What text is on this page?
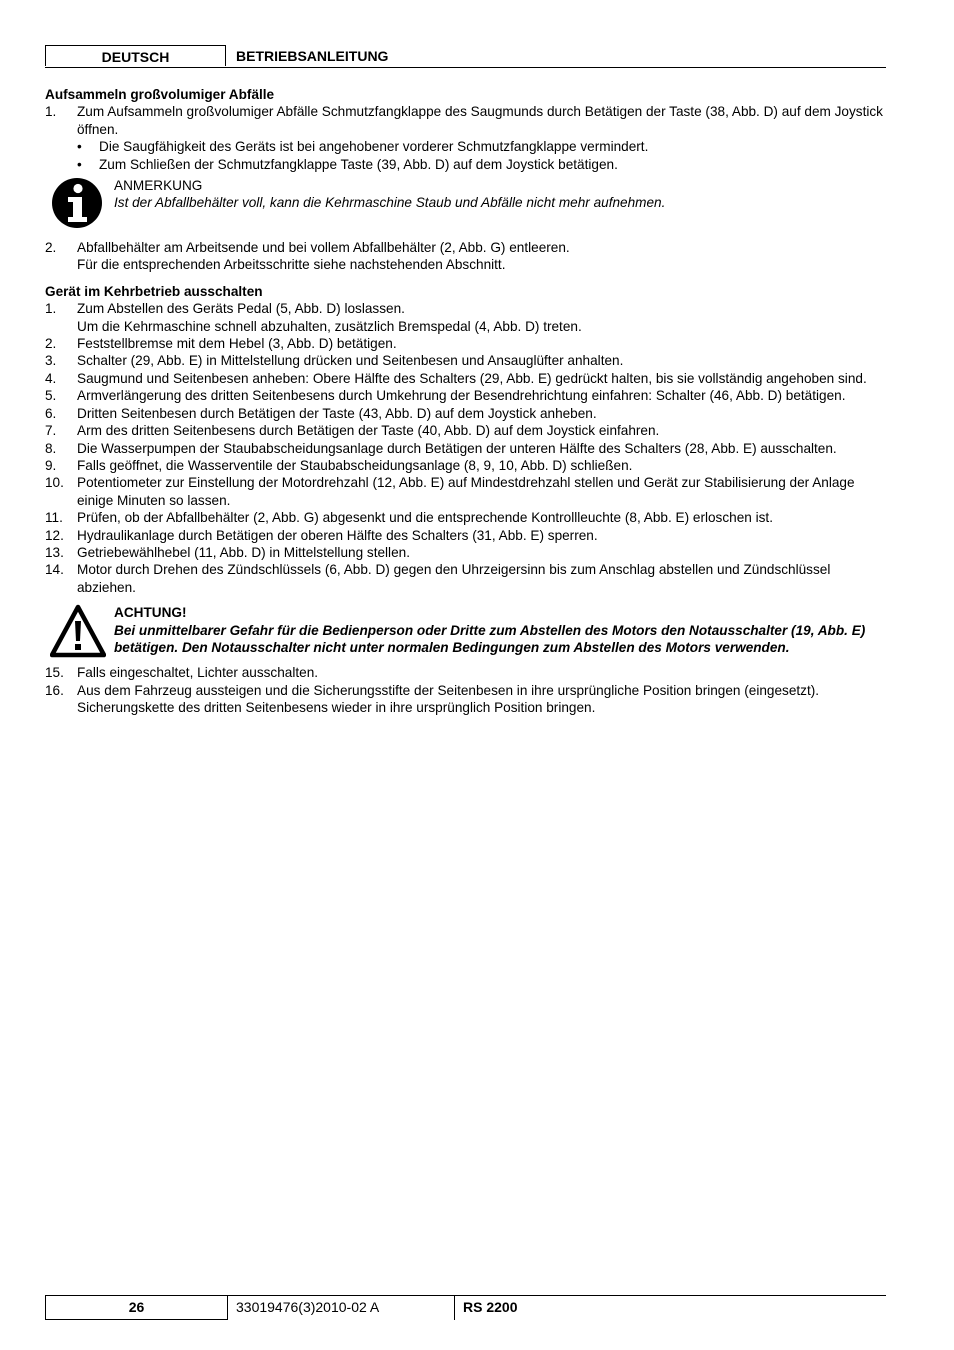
DEUTSCH	BETRIEBSANLEITUNG

Aufsammeln großvolumiger Abfälle

1.	Zum Aufsammeln großvolumiger Abfälle Schmutzfangklappe des Saugmunds durch Betätigen der Taste (38, Abb. D) auf dem Joystick öffnen.
•	Die Saugfähigkeit des Geräts ist bei angehobener vorderer Schmutzfangklappe vermindert.
•	Zum Schließen der Schmutzfangklappe Taste (39, Abb. D) auf dem Joystick betätigen.
ANMERKUNG
Ist der Abfallbehälter voll, kann die Kehrmaschine Staub und Abfälle nicht mehr aufnehmen.
2.	Abfallbehälter am Arbeitsende und bei vollem Abfallbehälter (2, Abb. G) entleeren.
Für die entsprechenden Arbeitsschritte siehe nachstehenden Abschnitt.

Gerät im Kehrbetrieb ausschalten

1.	Zum Abstellen des Geräts Pedal (5, Abb. D) loslassen.
Um die Kehrmaschine schnell abzuhalten, zusätzlich Bremspedal (4, Abb. D) treten.
2.	Feststellbremse mit dem Hebel (3, Abb. D) betätigen.
3.	Schalter (29, Abb. E) in Mittelstellung drücken und Seitenbesen und Ansauglüfter anhalten.
4.	Saugmund und Seitenbesen anheben: Obere Hälfte des Schalters (29, Abb. E) gedrückt halten, bis sie vollständig angehoben sind.
5.	Armverlängerung des dritten Seitenbesens durch Umkehrung der Besendrehrichtung einfahren: Schalter (46, Abb. D) betätigen.
6.	Dritten Seitenbesen durch Betätigen der Taste (43, Abb. D) auf dem Joystick anheben.
7.	Arm des dritten Seitenbesens durch Betätigen der Taste (40, Abb. D) auf dem Joystick einfahren.
8.	Die Wasserpumpen der Staubabscheidungsanlage durch Betätigen der unteren Hälfte des Schalters (28, Abb. E) ausschalten.
9.	Falls geöffnet, die Wasserventile der Staubabscheidungsanlage (8, 9, 10, Abb. D) schließen.
10. Potentiometer zur Einstellung der Motordrehzahl (12, Abb. E) auf Mindestdrehzahl stellen und Gerät zur Stabilisierung der Anlage einige Minuten so lassen.
11.	Prüfen, ob der Abfallbehälter (2, Abb. G) abgesenkt und die entsprechende Kontrollleuchte (8, Abb. E) erloschen ist.
12. Hydraulikanlage durch Betätigen der oberen Hälfte des Schalters (31, Abb. E) sperren.
13. Getriebewählhebel (11, Abb. D) in Mittelstellung stellen.
14. Motor durch Drehen des Zündschlüssels (6, Abb. D) gegen den Uhrzeigersinn bis zum Anschlag abstellen und Zündschlüssel abziehen.
ACHTUNG!
Bei unmittelbarer Gefahr für die Bedienperson oder Dritte zum Abstellen des Motors den Notausschalter (19, Abb. E) betätigen. Den Notausschalter nicht unter normalen Bedingungen zum Abstellen des Motors verwenden.
15. Falls eingeschaltet, Lichter ausschalten.
16. Aus dem Fahrzeug aussteigen und die Sicherungsstifte der Seitenbesen in ihre ursprüngliche Position bringen (eingesetzt).
Sicherungskette des dritten Seitenbesens wieder in ihre ursprünglich Position bringen.
26	33019476(3)2010-02 A	RS 2200
